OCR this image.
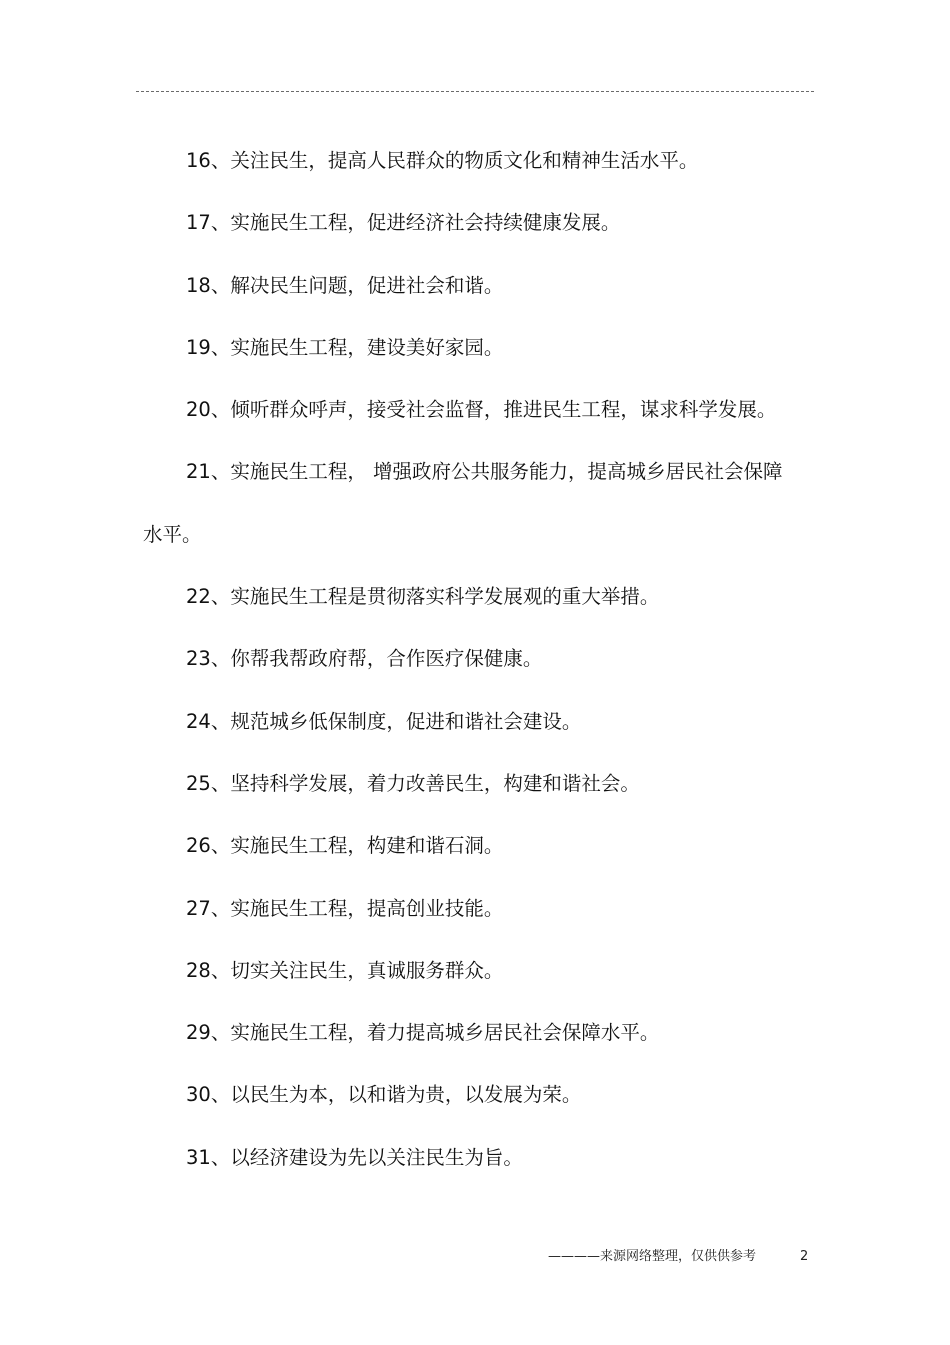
16、关注民生，提高人民群众的物质文化和精神生活水平。

17、实施民生工程，促进经济社会持续健康发展。

18、解决民生问题，促进社会和谐。

19、实施民生工程，建设美好家园。

20、倾听群众呼声，接受社会监督，推进民生工程，谋求科学发展。

21、实施民生工程， 增强政府公共服务能力，提高城乡居民社会保障水平。

22、实施民生工程是贯彻落实科学发展观的重大举措。

23、你帮我帮政府帮，合作医疗保健康。

24、规范城乡低保制度，促进和谐社会建设。

25、坚持科学发展，着力改善民生，构建和谐社会。

26、实施民生工程，构建和谐石洞。

27、实施民生工程，提高创业技能。

28、切实关注民生，真诚服务群众。

29、实施民生工程，着力提高城乡居民社会保障水平。

30、以民生为本，以和谐为贵，以发展为荣。

31、以经济建设为先以关注民生为旨。

————来源网络整理，仅供供参考	2
